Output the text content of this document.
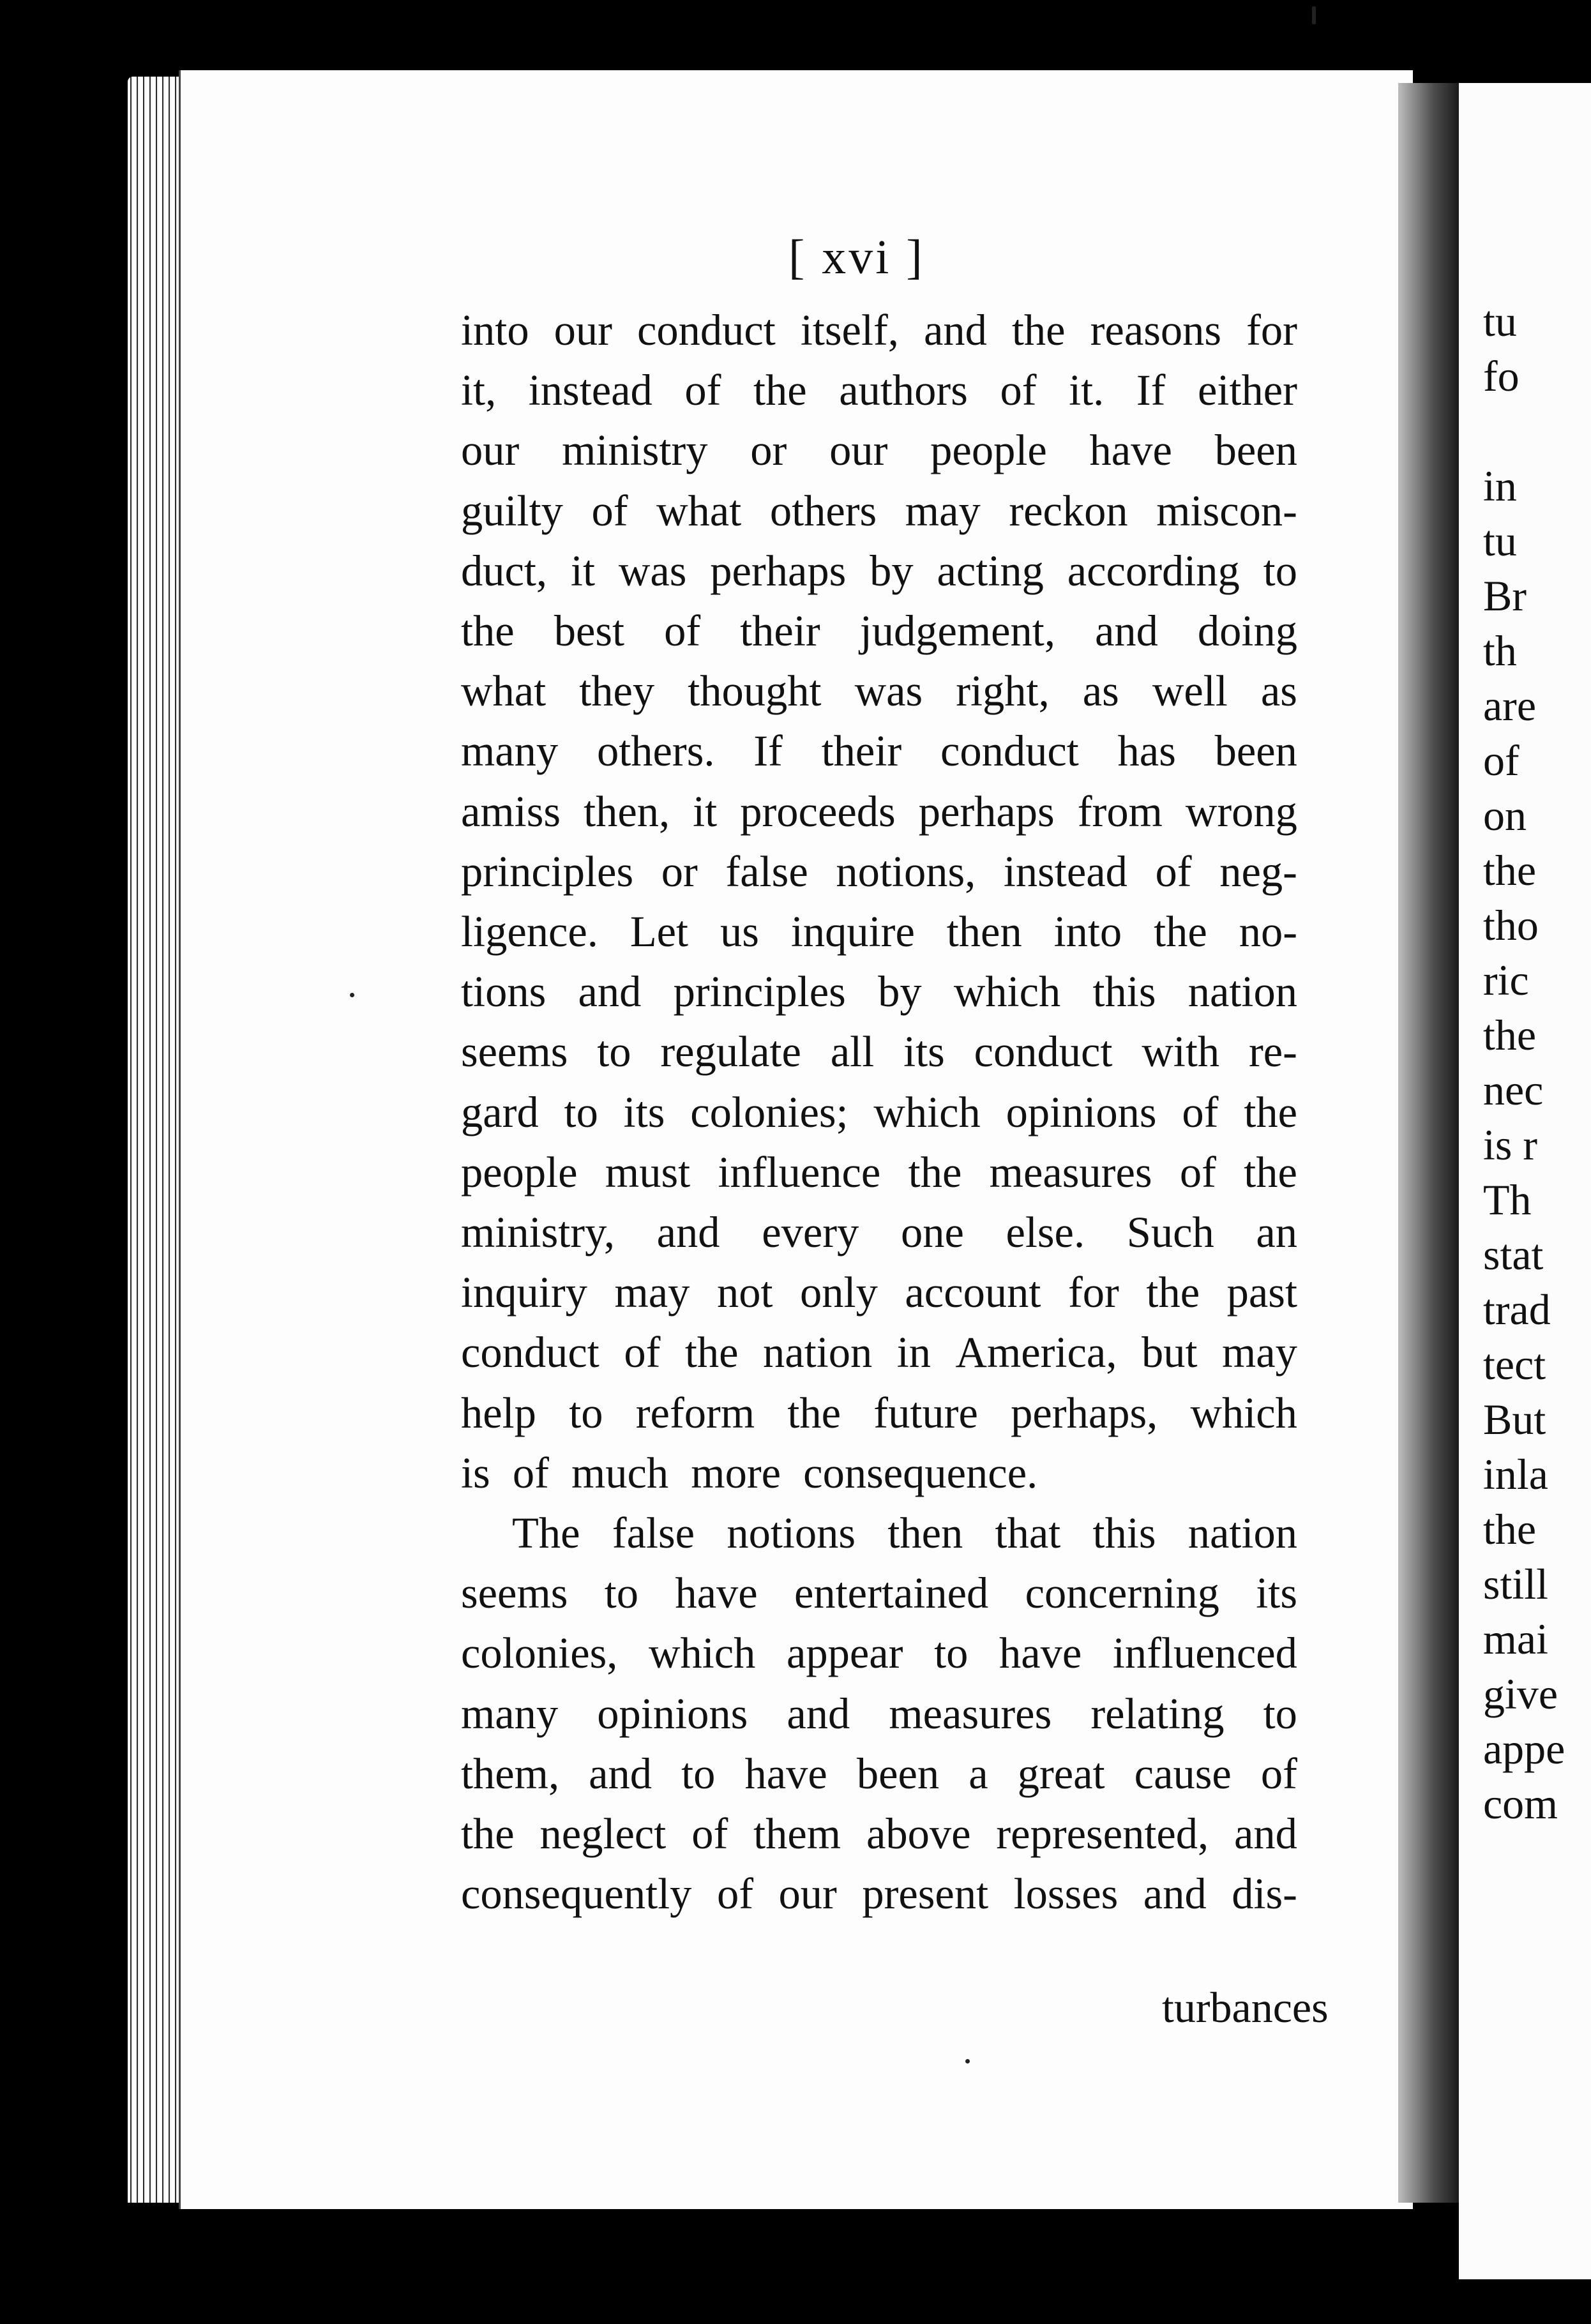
[ xvi ]
into our conduct itself, and the reasons for
it, instead of the authors of it. If either
our ministry or our people have been
guilty of what others may reckon miscon-
duct, it was perhaps by acting according to
the best of their judgement, and doing
what they thought was right, as well as
many others. If their conduct has been
amiss then, it proceeds perhaps from wrong
principles or false notions, instead of neg-
ligence. Let us inquire then into the no-
tions and principles by which this nation
seems to regulate all its conduct with re-
gard to its colonies; which opinions of the
people must influence the measures of the
ministry, and every one else. Such an
inquiry may not only account for the past
conduct of the nation in America, but may
help to reform the future perhaps, which
is of much more consequence.
The false notions then that this nation
seems to have entertained concerning its
colonies, which appear to have influenced
many opinions and measures relating to
them, and to have been a great cause of
the neglect of them above represented, and
consequently of our present losses and dis-
turbances
tu
fo
in
tu
Br
th
are
of
on
the
tho
ric
the
nec
is r
Th
stat
trad
tect
But
inla
the
still
mai
give
appe
com
